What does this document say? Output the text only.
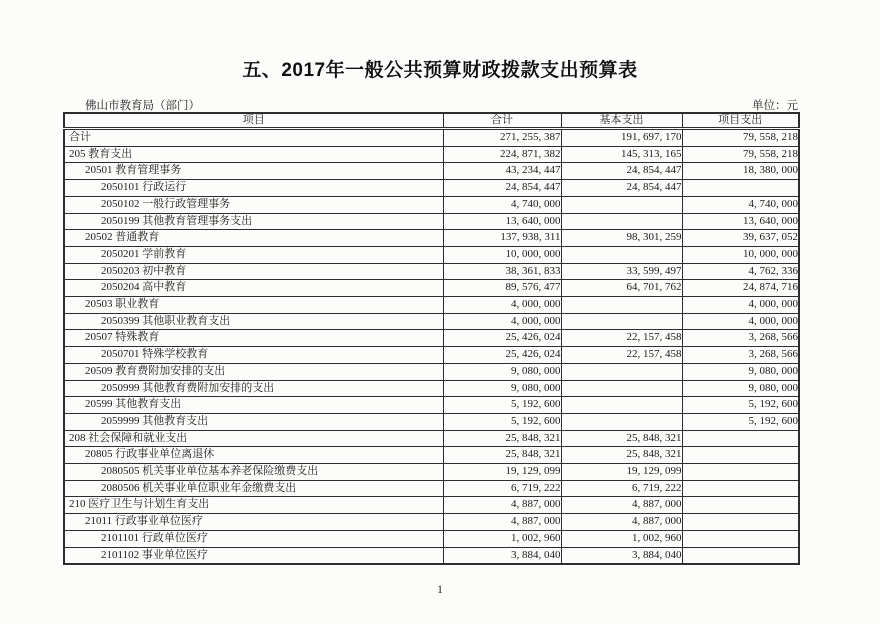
五、2017年一般公共预算财政拨款支出预算表
佛山市教育局（部门）	单位：元
项目	合计	基本支出	项目支出
合计	271, 255, 387	191, 697, 170	79, 558, 218
205 教育支出	224, 871, 382	145, 313, 165	79, 558, 218
20501 教育管理事务	43, 234, 447	24, 854, 447	18, 380, 000
2050101 行政运行	24, 854, 447	24, 854, 447	
2050102 一般行政管理事务	4, 740, 000		4, 740, 000
2050199 其他教育管理事务支出	13, 640, 000		13, 640, 000
20502 普通教育	137, 938, 311	98, 301, 259	39, 637, 052
2050201 学前教育	10, 000, 000		10, 000, 000
2050203 初中教育	38, 361, 833	33, 599, 497	4, 762, 336
2050204 高中教育	89, 576, 477	64, 701, 762	24, 874, 716
20503 职业教育	4, 000, 000		4, 000, 000
2050399 其他职业教育支出	4, 000, 000		4, 000, 000
20507 特殊教育	25, 426, 024	22, 157, 458	3, 268, 566
2050701 特殊学校教育	25, 426, 024	22, 157, 458	3, 268, 566
20509 教育费附加安排的支出	9, 080, 000		9, 080, 000
2050999 其他教育费附加安排的支出	9, 080, 000		9, 080, 000
20599 其他教育支出	5, 192, 600		5, 192, 600
2059999 其他教育支出	5, 192, 600		5, 192, 600
208 社会保障和就业支出	25, 848, 321	25, 848, 321	
20805 行政事业单位离退休	25, 848, 321	25, 848, 321	
2080505 机关事业单位基本养老保险缴费支出	19, 129, 099	19, 129, 099	
2080506 机关事业单位职业年金缴费支出	6, 719, 222	6, 719, 222	
210 医疗卫生与计划生育支出	4, 887, 000	4, 887, 000	
21011 行政事业单位医疗	4, 887, 000	4, 887, 000	
2101101 行政单位医疗	1, 002, 960	1, 002, 960	
2101102 事业单位医疗	3, 884, 040	3, 884, 040	
1
